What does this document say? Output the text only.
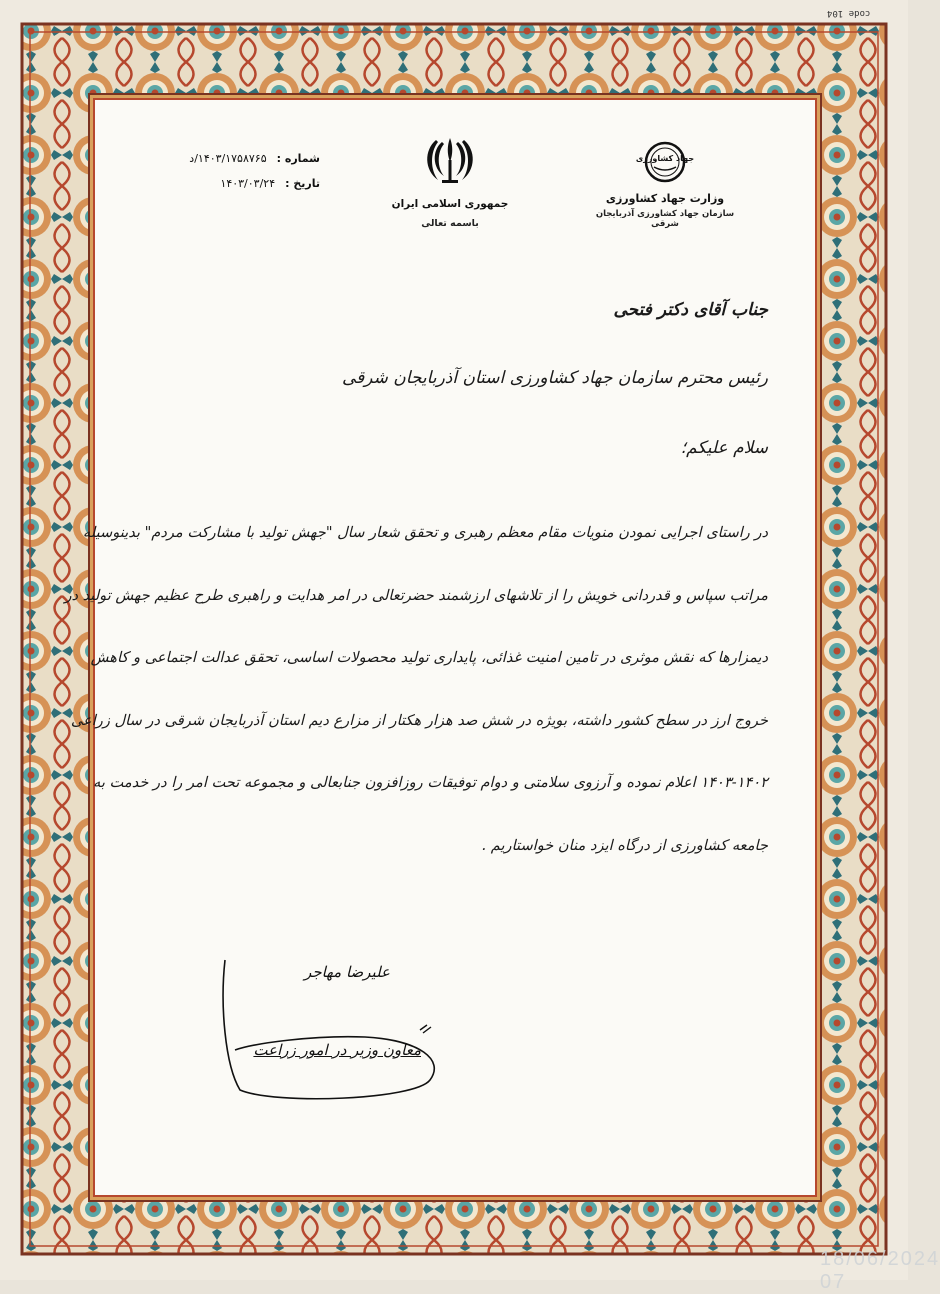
code 104
جهاد کشاورزی
وزارت جهاد کشاورزی
سازمان جهاد کشاورزی آذربایجان شرقی
جمهوری اسلامی ایران
باسمه تعالی
شماره :
۱۴۰۳/۱۷۵۸۷۶۵/د
تاریخ :
۱۴۰۳/۰۳/۲۴
جناب آقای دکتر فتحی
رئیس محترم سازمان جهاد کشاورزی استان آذربایجان شرقی
سلام علیکم؛
در راستای اجرایی نمودن منویات مقام معظم رهبری و تحقق شعار سال "جهش تولید با مشارکت مردم" بدینوسیله
مراتب سپاس و قدردانی خویش را از تلاشهای ارزشمند حضرتعالی در امر هدایت و راهبری طرح عظیم جهش تولید در
دیمزارها که نقش موثری در تامین امنیت غذائی، پایداری تولید محصولات اساسی، تحقق عدالت اجتماعی و کاهش
خروج ارز در سطح کشور داشته، بویژه در شش صد هزار هکتار از مزارع دیم استان آذربایجان شرقی در سال زراعی
۱۴۰۳-۱۴۰۲ اعلام نموده و آرزوی سلامتی و دوام توفیقات روزافزون جنابعالی و مجموعه تحت امر را در خدمت به
جامعه کشاورزی از درگاه ایزد منان خواستاریم .
علیرضا مهاجر
معاون وزیر در امور زراعت
18/06/2024 07
